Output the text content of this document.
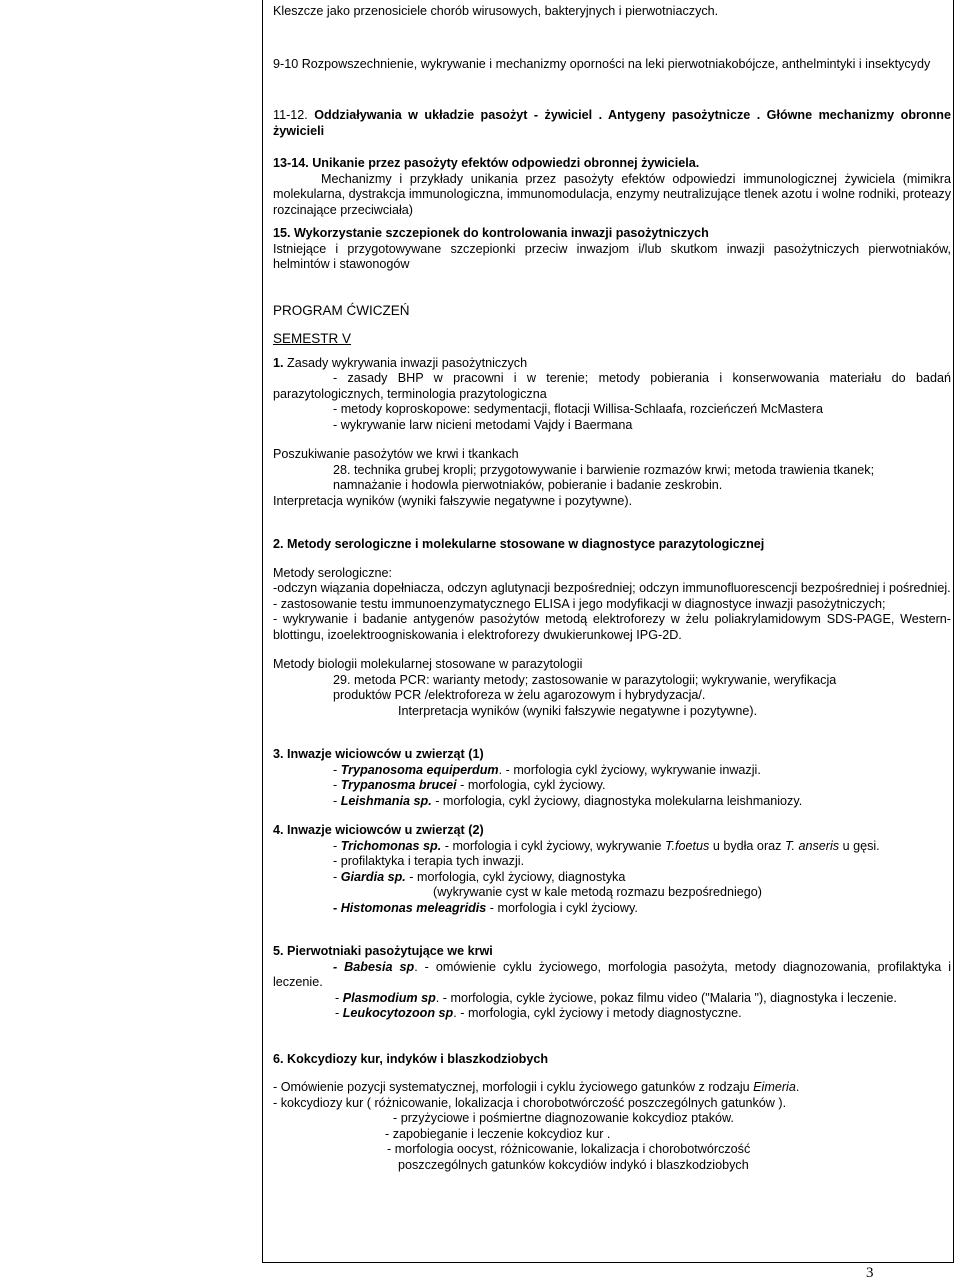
Kleszcze jako przenosiciele chorób wirusowych, bakteryjnych i pierwotniaczych.

9-10 Rozpowszechnienie, wykrywanie i mechanizmy oporności na leki pierwotniakobójcze, anthelmintyki i insektycydy

11-12. Oddziaływania w układzie pasożyt - żywiciel . Antygeny pasożytnicze . Główne mechanizmy obronne żywicieli

13-14. Unikanie przez pasożyty efektów odpowiedzi obronnej żywiciela.

Mechanizmy i przykłady unikania przez pasożyty efektów odpowiedzi immunologicznej żywiciela (mimikra molekularna, dystrakcja immunologiczna, immunomodulacja, enzymy neutralizujące tlenek azotu i wolne rodniki, proteazy rozcinające przeciwciała)

15. Wykorzystanie szczepionek do kontrolowania inwazji pasożytniczych

Istniejące i przygotowywane szczepionki przeciw inwazjom i/lub skutkom inwazji pasożytniczych pierwotniaków, helmintów i stawonogów

PROGRAM ĆWICZEŃ

SEMESTR V

1. Zasady wykrywania inwazji pasożytniczych

- zasady BHP w pracowni i w terenie; metody pobierania i konserwowania materiału do badań parazytologicznych, terminologia prazytologiczna

- metody koproskopowe: sedymentacji, flotacji Willisa-Schlaafa, rozcieńczeń McMastera

- wykrywanie larw nicieni metodami Vajdy i Baermana

Poszukiwanie pasożytów we krwi i tkankach

28. technika grubej kropli; przygotowywanie i barwienie rozmazów krwi; metoda trawienia tkanek;

namnażanie i hodowla pierwotniaków, pobieranie i badanie zeskrobin.

Interpretacja wyników (wyniki fałszywie negatywne i pozytywne).

2. Metody serologiczne i molekularne stosowane w diagnostyce parazytologicznej

Metody serologiczne:

-odczyn wiązania dopełniacza, odczyn aglutynacji bezpośredniej; odczyn immunofluorescencji bezpośredniej i pośredniej.

- zastosowanie testu immunoenzymatycznego ELISA i jego modyfikacji w diagnostyce inwazji pasożytniczych;

- wykrywanie i badanie antygenów pasożytów metodą elektroforezy w żelu poliakrylamidowym SDS-PAGE, Western-blottingu, izoelektroogniskowania i elektroforezy dwukierunkowej IPG-2D.

Metody biologii molekularnej stosowane w parazytologii

29. metoda PCR: warianty metody; zastosowanie w parazytologii; wykrywanie, weryfikacja

produktów PCR /elektroforeza w żelu agarozowym i hybrydyzacja/.

Interpretacja wyników (wyniki fałszywie negatywne i pozytywne).

3. Inwazje wiciowców u zwierząt (1)

- Trypanosoma equiperdum. - morfologia cykl życiowy, wykrywanie inwazji.

- Trypanosma brucei - morfologia, cykl życiowy.

- Leishmania sp. - morfologia, cykl życiowy, diagnostyka molekularna leishmaniozy.

4. Inwazje wiciowców u zwierząt (2)

- Trichomonas sp. - morfologia i cykl życiowy, wykrywanie T.foetus u bydła oraz T. anseris u gęsi.

- profilaktyka i terapia tych inwazji.

- Giardia sp. - morfologia, cykl życiowy, diagnostyka

(wykrywanie cyst w kale metodą rozmazu bezpośredniego)

- Histomonas meleagridis - morfologia i cykl życiowy.

5. Pierwotniaki pasożytujące we krwi

- Babesia sp. - omówienie cyklu życiowego, morfologia pasożyta, metody diagnozowania, profilaktyka i leczenie.

- Plasmodium sp. - morfologia, cykle życiowe, pokaz filmu video ("Malaria "), diagnostyka i leczenie.

- Leukocytozoon sp. - morfologia, cykl życiowy i metody diagnostyczne.

6. Kokcydiozy kur, indyków i blaszkodziobych

- Omówienie pozycji systematycznej, morfologii i cyklu życiowego gatunków z rodzaju Eimeria.

- kokcydiozy kur ( różnicowanie, lokalizacja i chorobotwórczość poszczególnych gatunków ).

- przyżyciowe i pośmiertne diagnozowanie kokcydioz ptaków.

- zapobieganie i leczenie kokcydioz kur .

- morfologia oocyst, różnicowanie, lokalizacja i chorobotwórczość

poszczególnych gatunków kokcydiów indykó i blaszkodziobych

3
